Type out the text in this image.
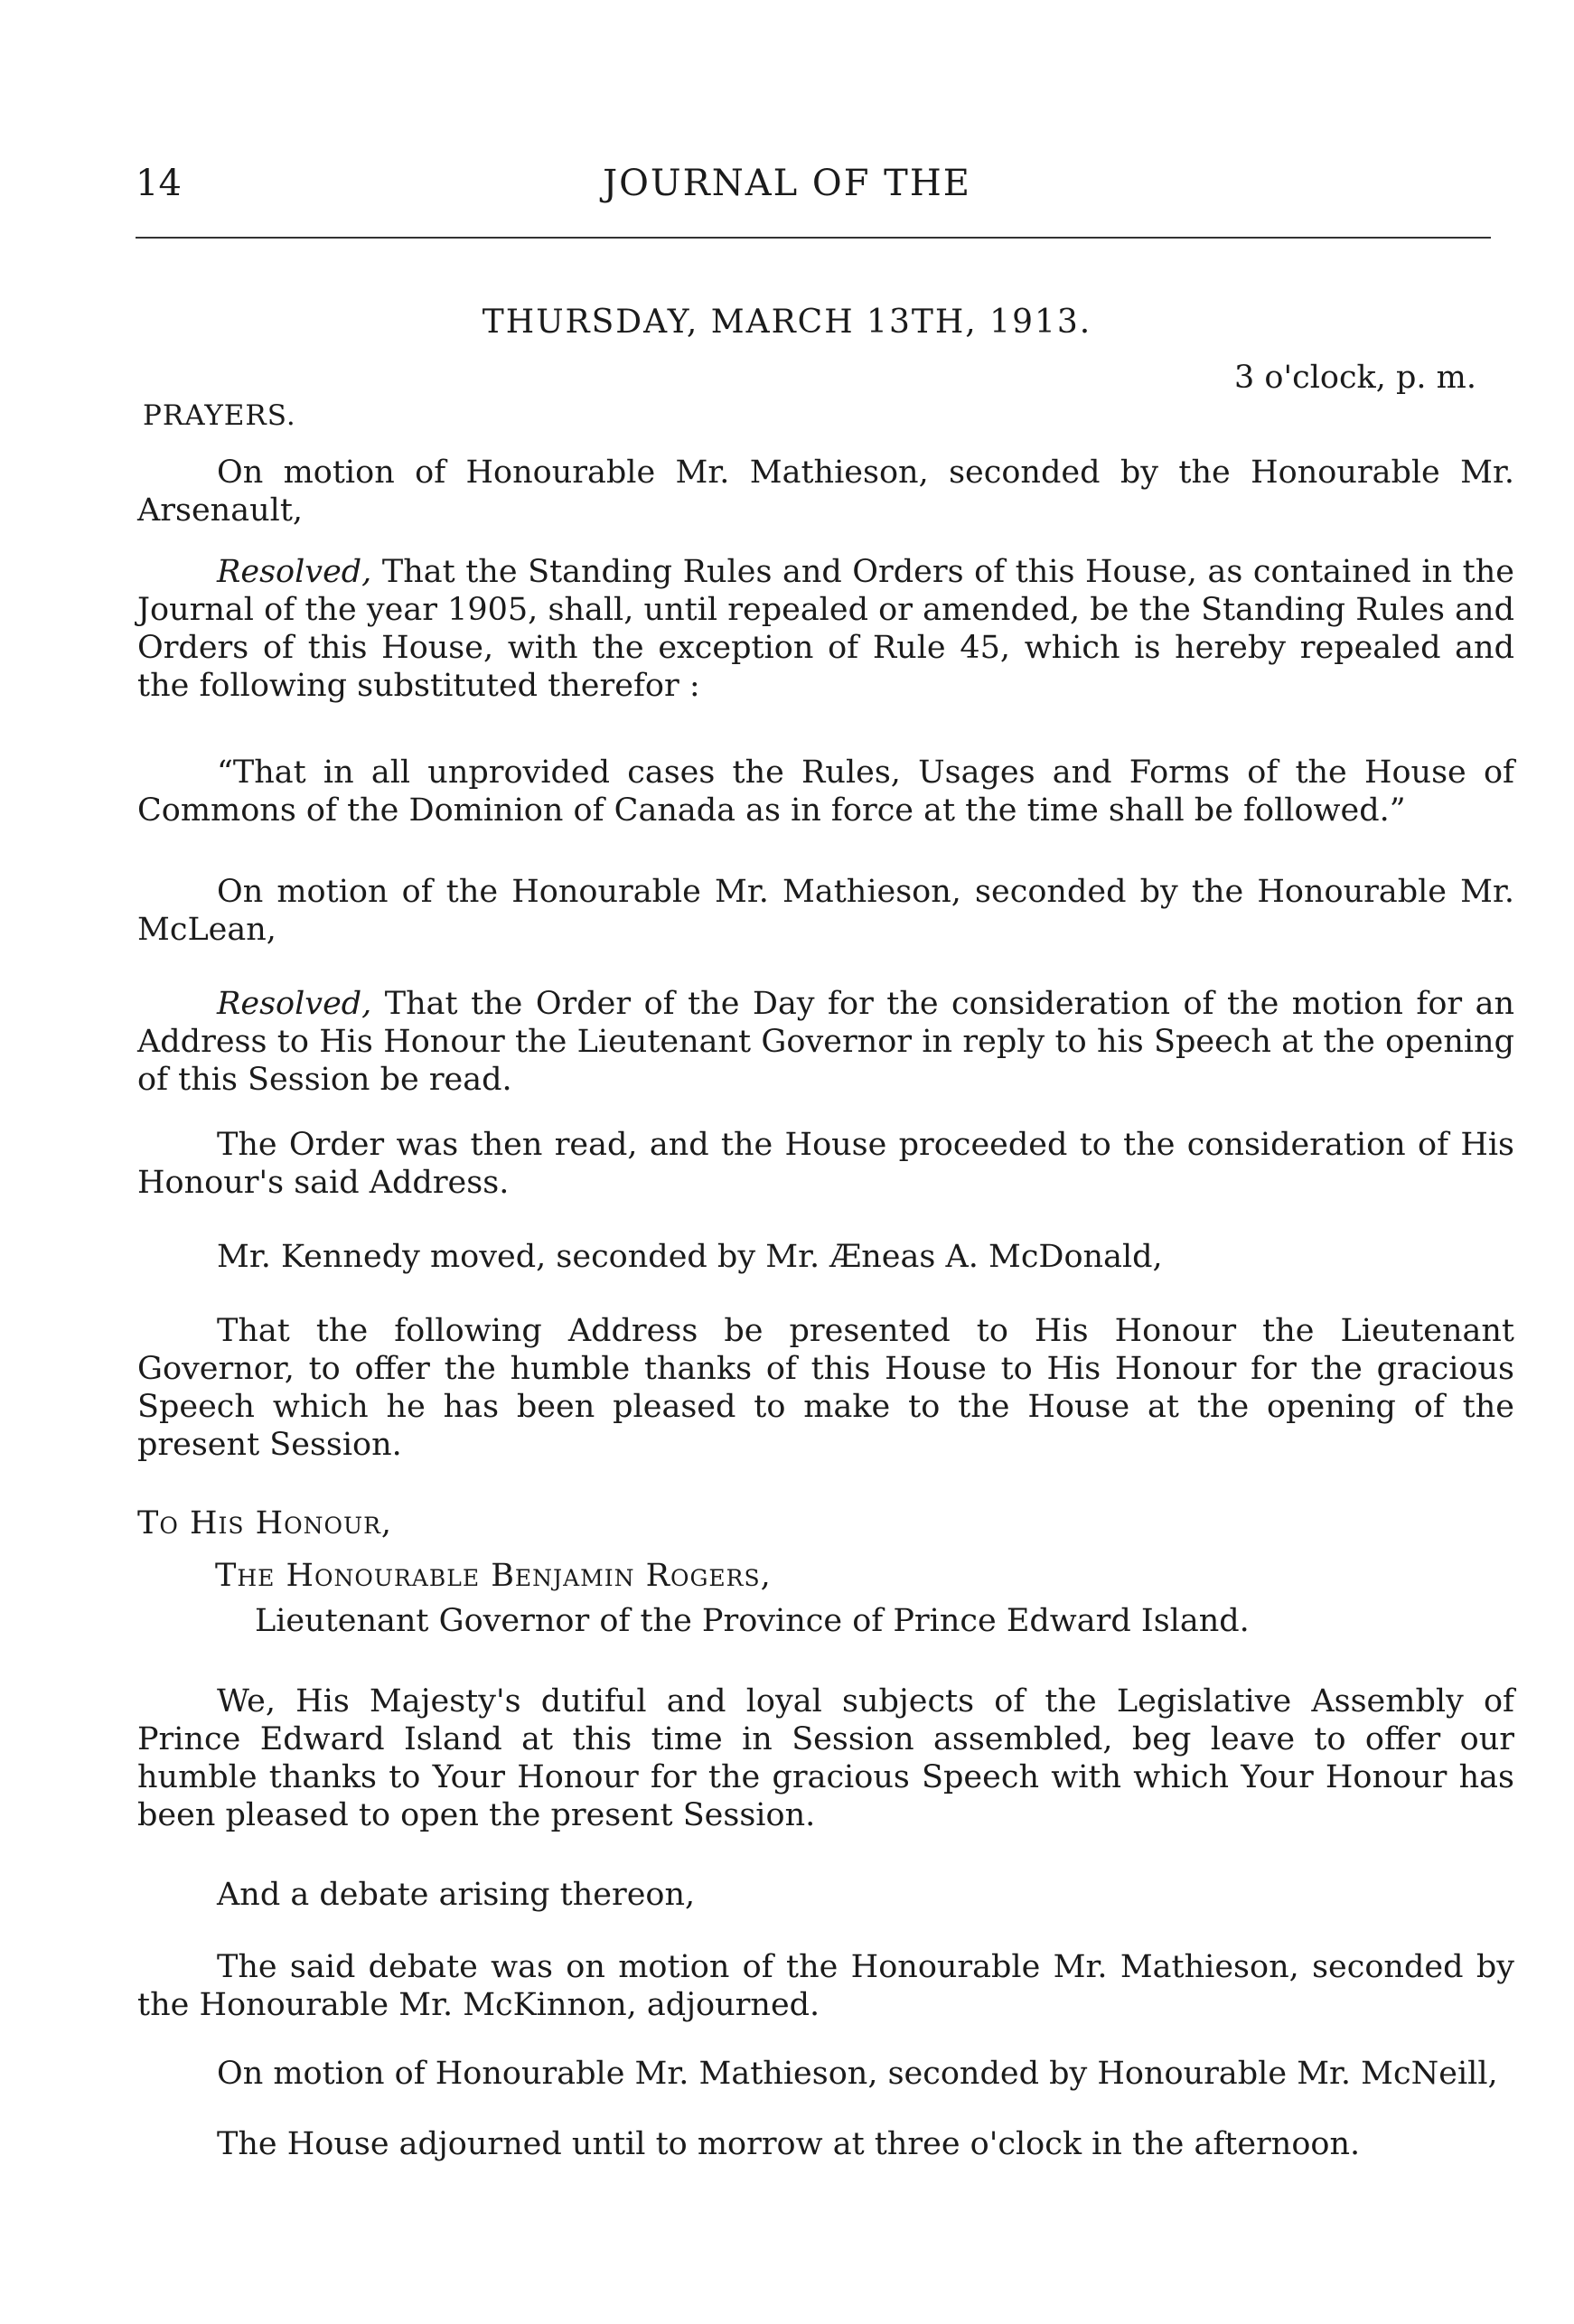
14	JOURNAL OF THE
THURSDAY, MARCH 13TH, 1913.
3 o'clock, p. m.
PRAYERS.

On motion of Honourable Mr. Mathieson, seconded by the Honourable Mr. Arsenault,

Resolved, That the Standing Rules and Orders of this House, as contained in the Journal of the year 1905, shall, until repealed or amended, be the Standing Rules and Orders of this House, with the exception of Rule 45, which is hereby repealed and the following substituted therefor :

“That in all unprovided cases the Rules, Usages and Forms of the House of Commons of the Dominion of Canada as in force at the time shall be followed.”

On motion of the Honourable Mr. Mathieson, seconded by the Honourable Mr. McLean,

Resolved, That the Order of the Day for the consideration of the motion for an Address to His Honour the Lieutenant Governor in reply to his Speech at the opening of this Session be read.

The Order was then read, and the House proceeded to the consideration of His Honour's said Address.

Mr. Kennedy moved, seconded by Mr. Æneas A. McDonald,

That the following Address be presented to His Honour the Lieutenant Governor, to offer the humble thanks of this House to His Honour for the gracious Speech which he has been pleased to make to the House at the opening of the present Session.

To His Honour,
The Honourable Benjamin Rogers,
Lieutenant Governor of the Province of Prince Edward Island.

We, His Majesty's dutiful and loyal subjects of the Legislative Assembly of Prince Edward Island at this time in Session assembled, beg leave to offer our humble thanks to Your Honour for the gracious Speech with which Your Honour has been pleased to open the present Session.

And a debate arising thereon,

The said debate was on motion of the Honourable Mr. Mathieson, seconded by the Honourable Mr. McKinnon, adjourned.

On motion of Honourable Mr. Mathieson, seconded by Honourable Mr. McNeill,

The House adjourned until to morrow at three o'clock in the afternoon.
